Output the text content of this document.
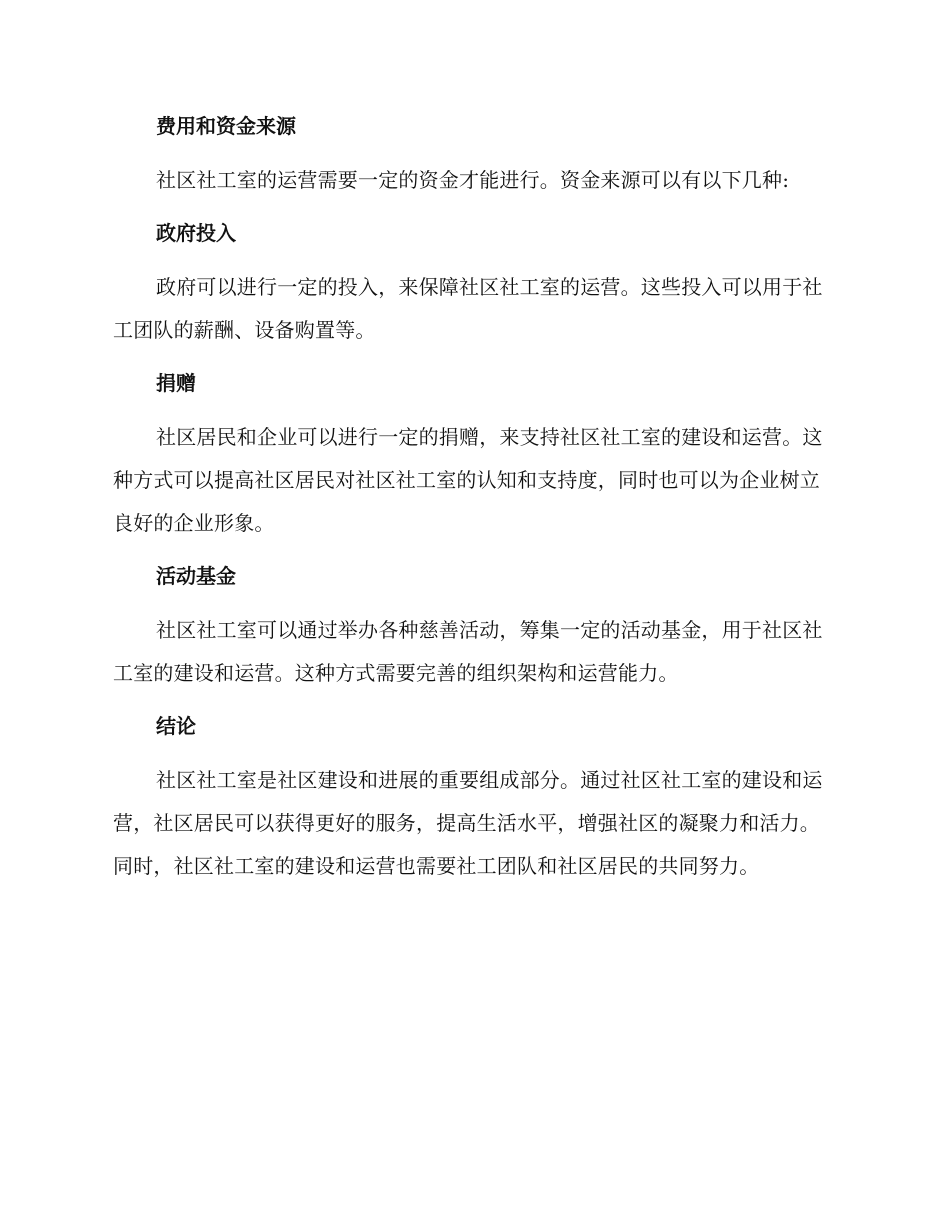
费用和资金来源

社区社工室的运营需要一定的资金才能进行。资金来源可以有以下几种:

政府投入

政府可以进行一定的投入，来保障社区社工室的运营。这些投入可以用于社工团队的薪酬、设备购置等。

捐赠

社区居民和企业可以进行一定的捐赠，来支持社区社工室的建设和运营。这种方式可以提高社区居民对社区社工室的认知和支持度，同时也可以为企业树立良好的企业形象。

活动基金

社区社工室可以通过举办各种慈善活动，筹集一定的活动基金，用于社区社工室的建设和运营。这种方式需要完善的组织架构和运营能力。

结论

社区社工室是社区建设和进展的重要组成部分。通过社区社工室的建设和运营，社区居民可以获得更好的服务，提高生活水平，增强社区的凝聚力和活力。同时，社区社工室的建设和运营也需要社工团队和社区居民的共同努力。
